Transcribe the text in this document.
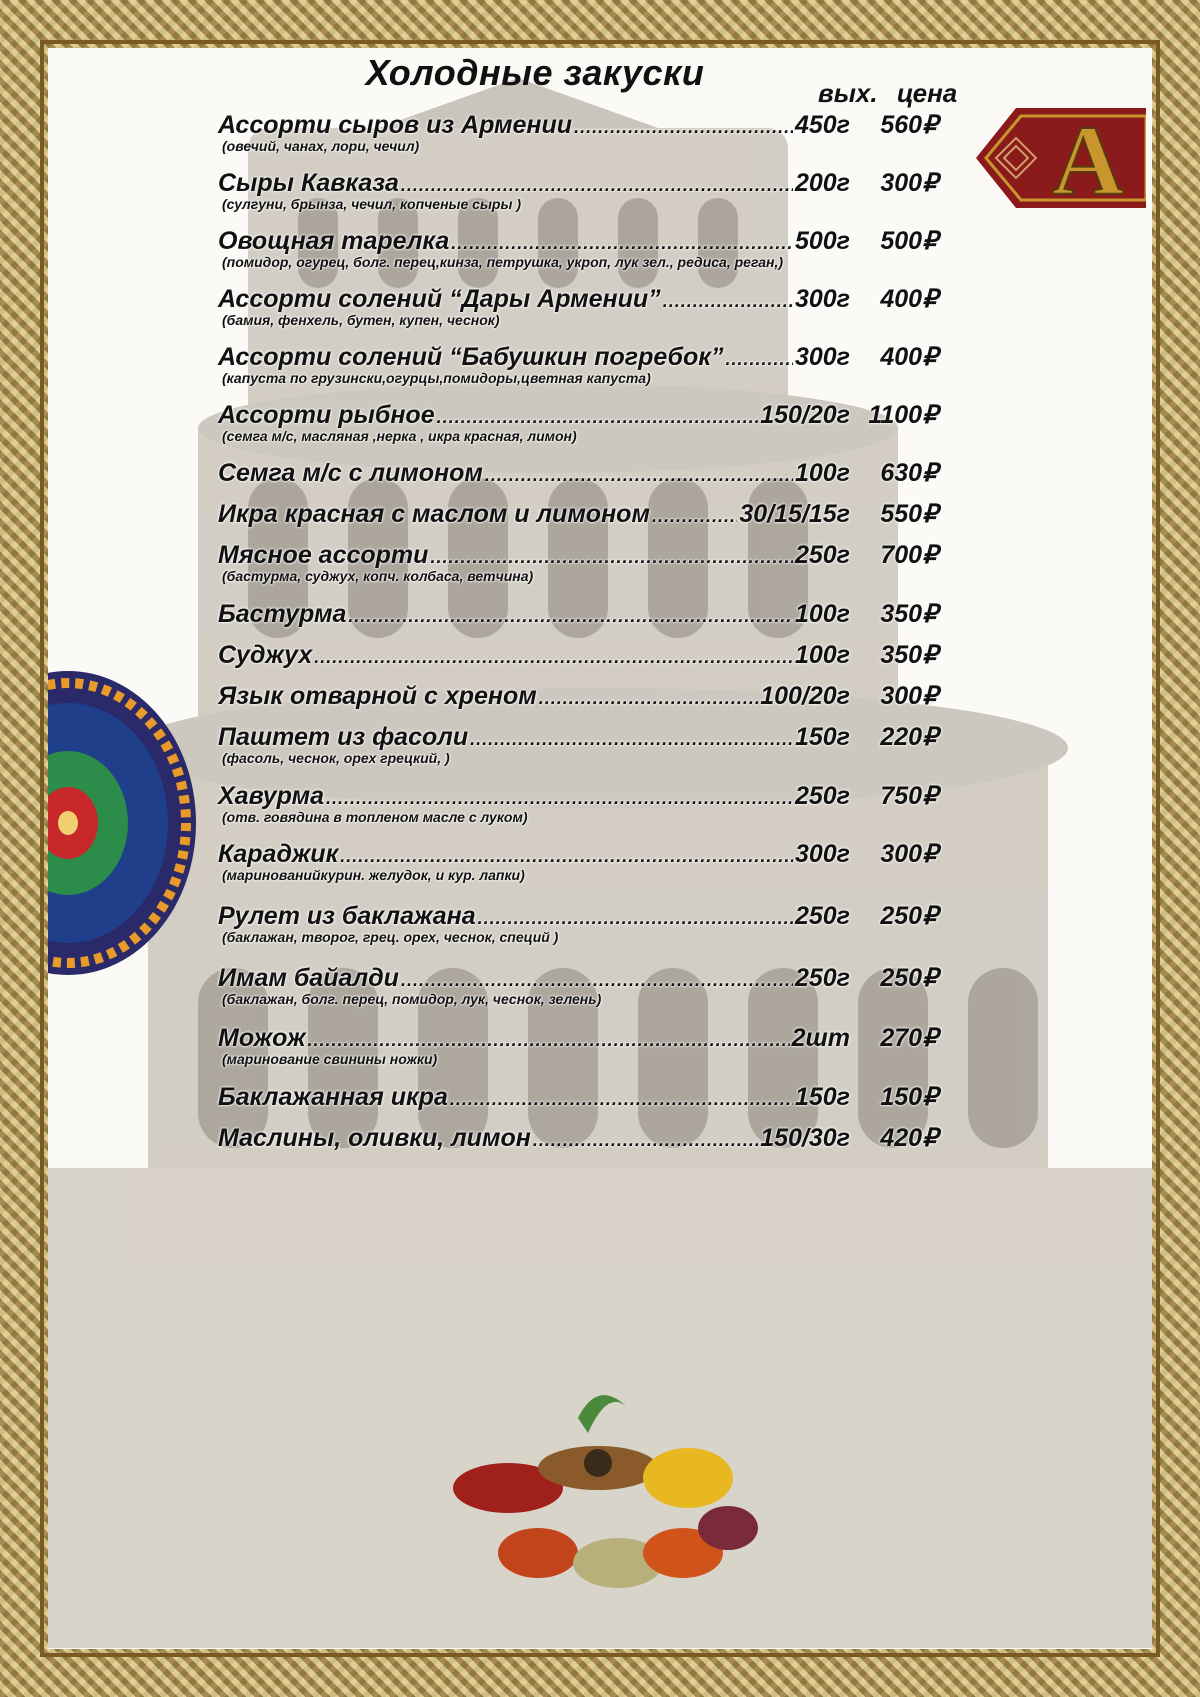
Холодные закуски	вых. цена
Ассорти сыров из Армении .....	450г	560₽
(овечий, чанах, лори, чечил)
Сыры Кавказа .....	200г	300₽
(сулгуни, брынза, чечил, копченые сыры )
Овощная тарелка .....	500г	500₽
(помидор, огурец, болг. перец,кинза, петрушка, укроп, лук зел., редиса, реган,)
Ассорти солений “Дары Армении” .....	300г	400₽
(бамия, фенхель, бутен, купен, чеснок)
Ассорти солений “Бабушкин погребок” .....	300г	400₽
(капуста по грузински,огурцы,помидоры,цветная капуста)
Ассорти рыбное .....	150/20г 1100₽
(семга м/с, масляная ,нерка , икра красная, лимон)
Семга м/с с лимоном .....	100г	630₽
Икра красная с маслом и лимоном .....	30/15/15г	550₽
Мясное ассорти .....	250г	700₽
(бастурма, суджух, копч. колбаса, ветчина)
Бастурма .....	100г	350₽
Суджух .....	100г	350₽
Язык отварной с хреном .....	100/20г	300₽
Паштет из фасоли .....	150г	220₽
(фасоль, чеснок, орех грецкий, )
Хавурма .....	250г	750₽
(отв. говядина в топленом масле с луком)
Караджик .....	300г	300₽
(маринованийкурин. желудок, и кур. лапки)
Рулет из баклажана .....	250г	250₽
(баклажан, творог, грец. орех, чеснок, специй )
Имам байалди .....	250г	250₽
(баклажан, болг. перец, помидор, лук, чеснок, зелень)
Можож .....	2шт	270₽
(маринование свинины ножки)
Баклажанная икра .....	150г	150₽
Маслины, оливки, лимон .....	150/30г	420₽
А
